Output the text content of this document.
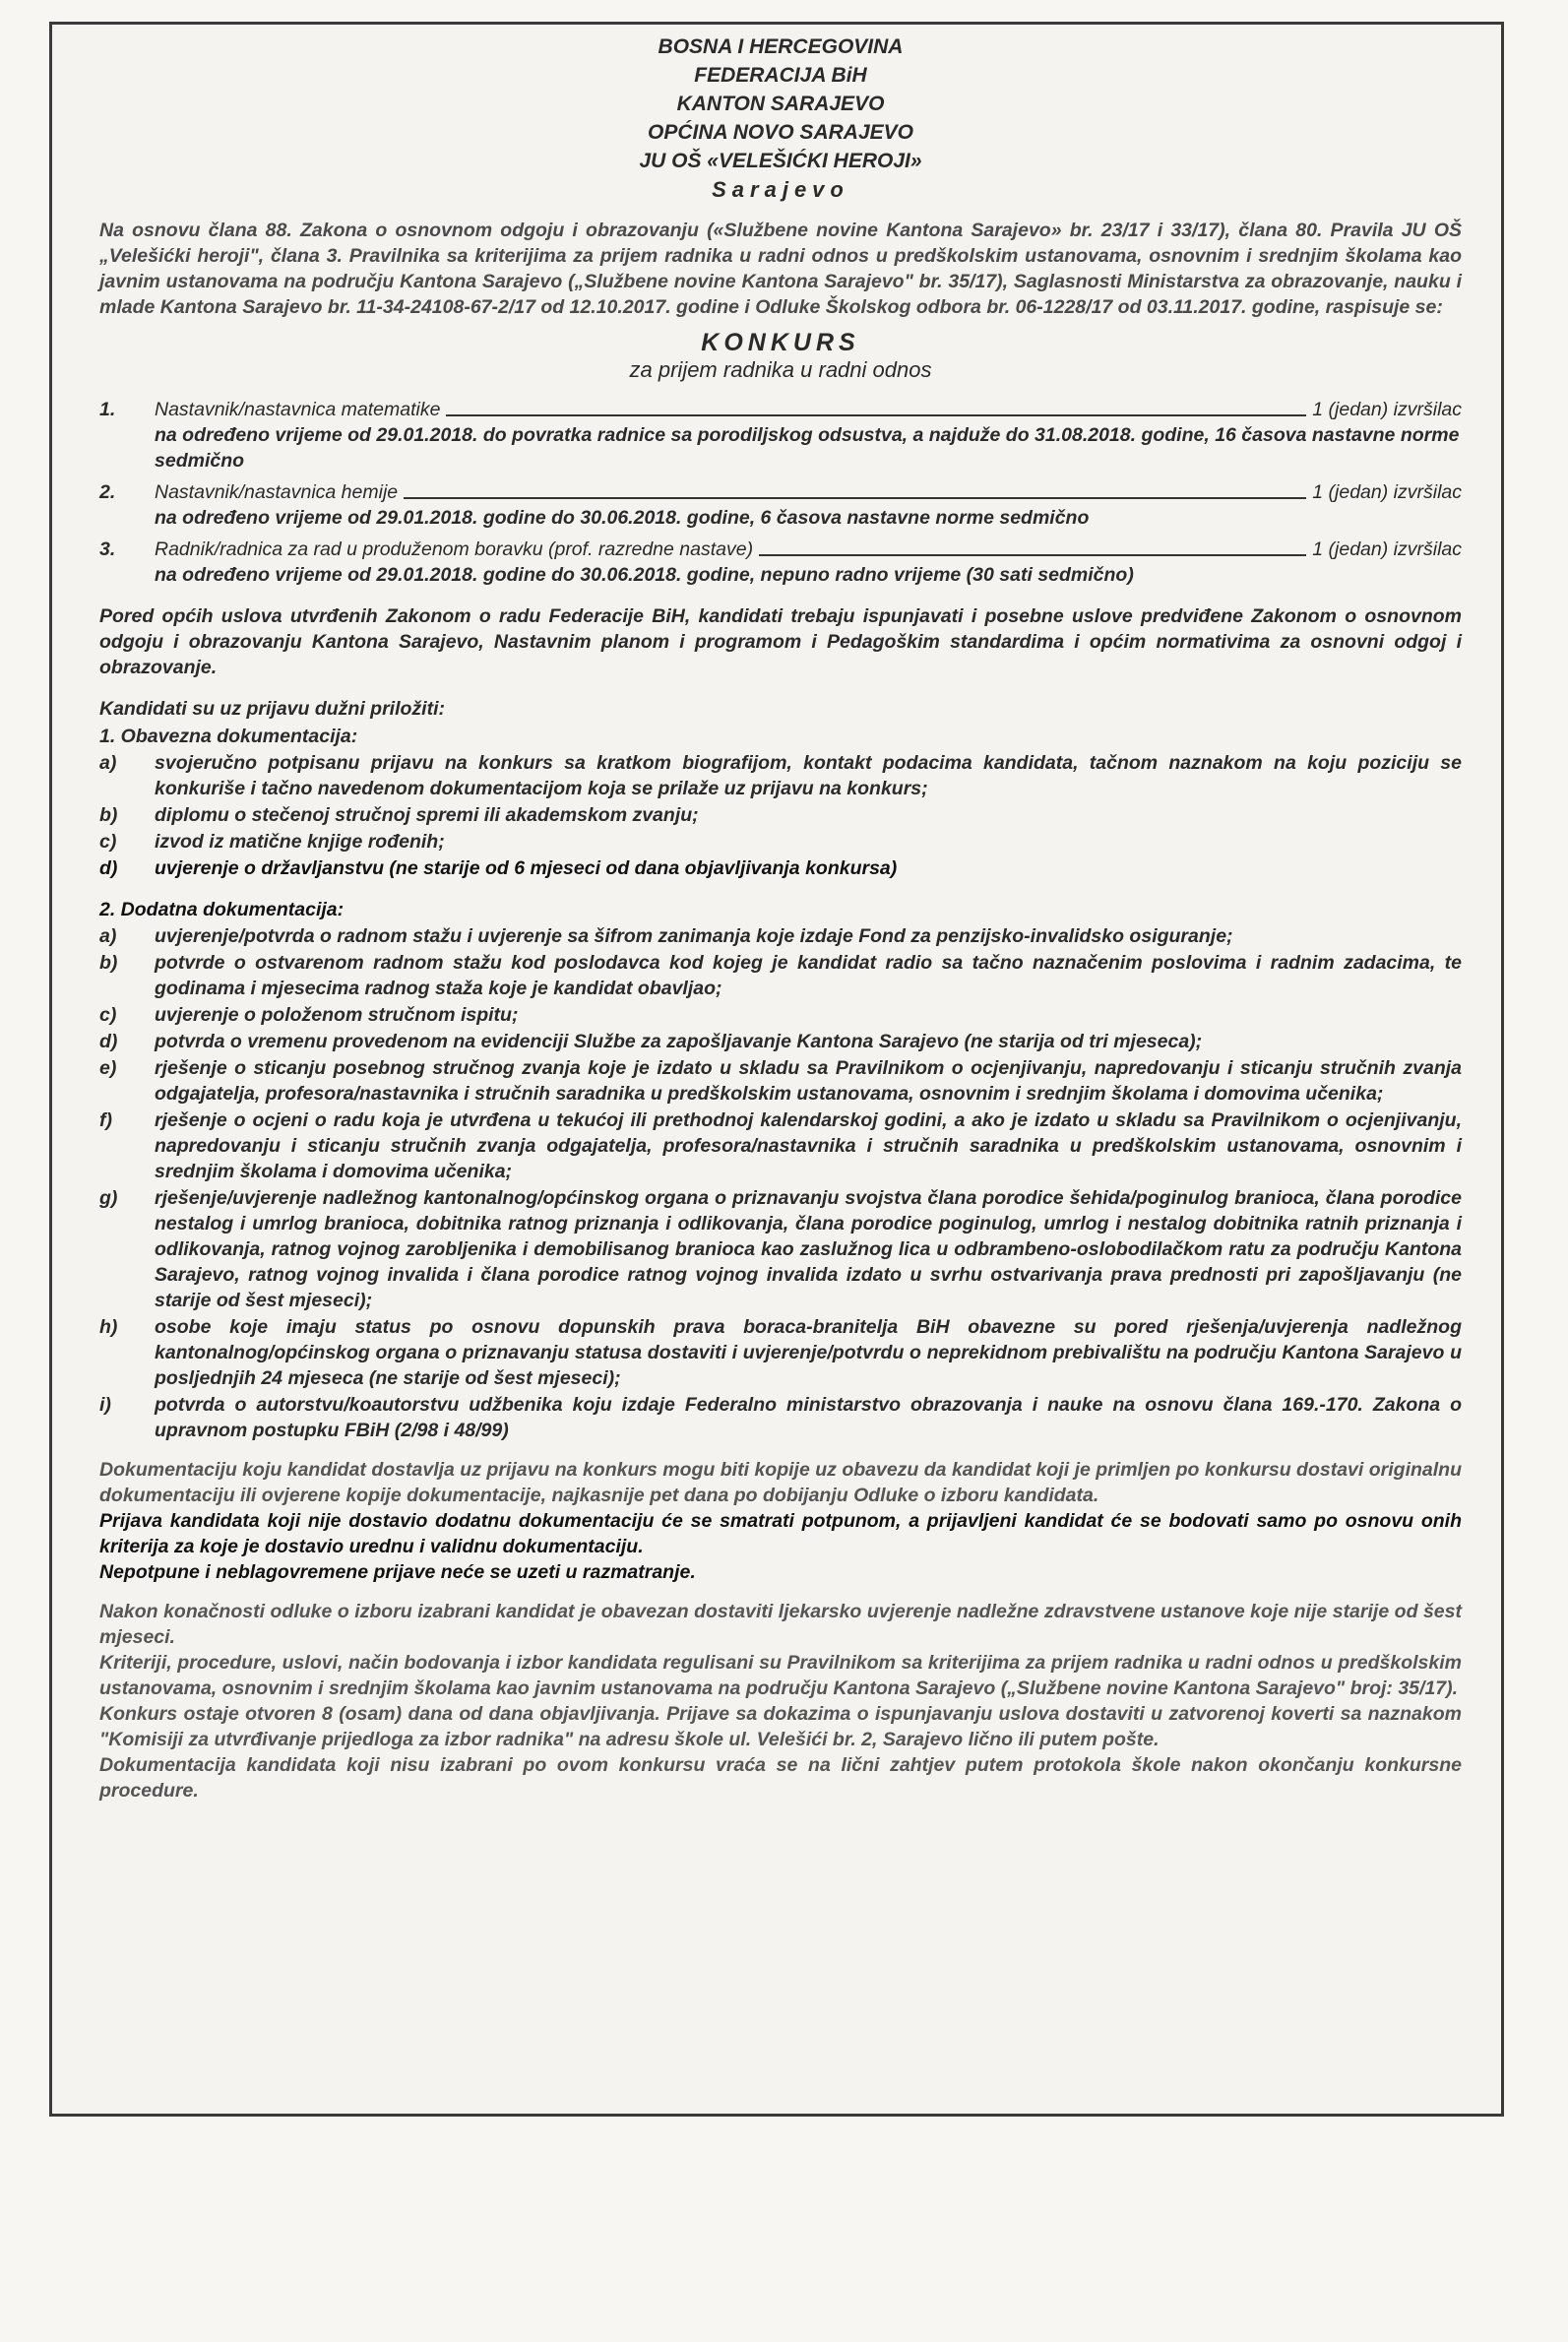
BOSNA I HERCEGOVINA
FEDERACIJA BiH
KANTON SARAJEVO
OPĆINA NOVO SARAJEVO
JU OŠ «VELEŠIĆKI HEROJI»
Sarajevo
Na osnovu člana 88. Zakona o osnovnom odgoju i obrazovanju («Službene novine Kantona Sarajevo» br. 23/17 i 33/17), člana 80. Pravila JU OŠ „Velešićki heroji", člana 3. Pravilnika sa kriterijima za prijem radnika u radni odnos u predškolskim ustanovama, osnovnim i srednjim školama kao javnim ustanovama na području Kantona Sarajevo („Službene novine Kantona Sarajevo" br. 35/17), Saglasnosti Ministarstva za obrazovanje, nauku i mlade Kantona Sarajevo br. 11-34-24108-67-2/17 od 12.10.2017. godine i Odluke Školskog odbora br. 06-1228/17 od 03.11.2017. godine, raspisuje se:
KONKURS
za prijem radnika u radni odnos
1.	Nastavnik/nastavnica matematike	1 (jedan) izvršilac
na određeno vrijeme od 29.01.2018. do povratka radnice sa porodiljskog odsustva, a najduže do 31.08.2018. godine, 16 časova nastavne norme sedmično
2.	Nastavnik/nastavnica hemije	1 (jedan) izvršilac
na određeno vrijeme od 29.01.2018. godine do 30.06.2018. godine, 6 časova nastavne norme sedmično
3.	Radnik/radnica za rad u produženom boravku (prof. razredne nastave)	1 (jedan) izvršilac
na određeno vrijeme od 29.01.2018. godine do 30.06.2018. godine, nepuno radno vrijeme (30 sati sedmično)
Pored općih uslova utvrđenih Zakonom o radu Federacije BiH, kandidati trebaju ispunjavati i posebne uslove predviđene Zakonom o osnovnom odgoju i obrazovanju Kantona Sarajevo, Nastavnim planom i programom i Pedagoškim standardima i općim normativima za osnovni odgoj i obrazovanje.
Kandidati su uz prijavu dužni priložiti:
1. Obavezna dokumentacija:
a)	svojeručno potpisanu prijavu na konkurs sa kratkom biografijom, kontakt podacima kandidata, tačnom naznakom na koju poziciju se konkuriše i tačno navedenom dokumentacijom koja se prilaže uz prijavu na konkurs;
b)	diplomu o stečenoj stručnoj spremi ili akademskom zvanju;
c)	izvod iz matične knjige rođenih;
d)	uvjerenje o državljanstvu (ne starije od 6 mjeseci od dana objavljivanja konkursa)
2. Dodatna dokumentacija:
a)	uvjerenje/potvrda o radnom stažu i uvjerenje sa šifrom zanimanja koje izdaje Fond za penzijsko-invalidsko osiguranje;
b)	potvrde o ostvarenom radnom stažu kod poslodavca kod kojeg je kandidat radio sa tačno naznačenim poslovima i radnim zadacima, te godinama i mjesecima radnog staža koje je kandidat obavljao;
c)	uvjerenje o položenom stručnom ispitu;
d)	potvrda o vremenu provedenom na evidenciji Službe za zapošljavanje Kantona Sarajevo (ne starija od tri mjeseca);
e)	rješenje o sticanju posebnog stručnog zvanja koje je izdato u skladu sa Pravilnikom o ocjenjivanju, napredovanju i sticanju stručnih zvanja odgajatelja, profesora/nastavnika i stručnih saradnika u predškolskim ustanovama, osnovnim i srednjim školama i domovima učenika;
f)	rješenje o ocjeni o radu koja je utvrđena u tekućoj ili prethodnoj kalendarskoj godini, a ako je izdato u skladu sa Pravilnikom o ocjenjivanju, napredovanju i sticanju stručnih zvanja odgajatelja, profesora/nastavnika i stručnih saradnika u predškolskim ustanovama, osnovnim i srednjim školama i domovima učenika;
g)	rješenje/uvjerenje nadležnog kantonalnog/općinskog organa o priznavanju svojstva člana porodice šehida/poginulog branioca, člana porodice nestalog i umrlog branioca, dobitnika ratnog priznanja i odlikovanja, člana porodice poginulog, umrlog i nestalog dobitnika ratnih priznanja i odlikovanja, ratnog vojnog zarobljenika i demobilisanog branioca kao zaslužnog lica u odbrambeno-oslobodilačkom ratu za području Kantona Sarajevo, ratnog vojnog invalida i člana porodice ratnog vojnog invalida izdato u svrhu ostvarivanja prava prednosti pri zapošljavanju (ne starije od šest mjeseci);
h)	osobe koje imaju status po osnovu dopunskih prava boraca-branitelja BiH obavezne su pored rješenja/uvjerenja nadležnog kantonalnog/općinskog organa o priznavanju statusa dostaviti i uvjerenje/potvrdu o neprekidnom prebivalištu na području Kantona Sarajevo u posljednjih 24 mjeseca (ne starije od šest mjeseci);
i)	potvrda o autorstvu/koautorstvu udžbenika koju izdaje Federalno ministarstvo obrazovanja i nauke na osnovu člana 169.-170. Zakona o upravnom postupku FBiH (2/98 i 48/99)

Dokumentaciju koju kandidat dostavlja uz prijavu na konkurs mogu biti kopije uz obavezu da kandidat koji je primljen po konkursu dostavi originalnu dokumentaciju ili ovjerene kopije dokumentacije, najkasnije pet dana po dobijanju Odluke o izboru kandidata.

Prijava kandidata koji nije dostavio dodatnu dokumentaciju će se smatrati potpunom, a prijavljeni kandidat će se bodovati samo po osnovu onih kriterija za koje je dostavio urednu i validnu dokumentaciju.

Nepotpune i neblagovremene prijave neće se uzeti u razmatranje.

Nakon konačnosti odluke o izboru izabrani kandidat je obavezan dostaviti ljekarsko uvjerenje nadležne zdravstvene ustanove koje nije starije od šest mjeseci.

Kriteriji, procedure, uslovi, način bodovanja i izbor kandidata regulisani su Pravilnikom sa kriterijima za prijem radnika u radni odnos u predškolskim ustanovama, osnovnim i srednjim školama kao javnim ustanovama na području Kantona Sarajevo („Službene novine Kantona Sarajevo" broj: 35/17).

Konkurs ostaje otvoren 8 (osam) dana od dana objavljivanja. Prijave sa dokazima o ispunjavanju uslova dostaviti u zatvorenoj koverti sa naznakom "Komisiji za utvrđivanje prijedloga za izbor radnika" na adresu škole ul. Velešići br. 2, Sarajevo lično ili putem pošte.

Dokumentacija kandidata koji nisu izabrani po ovom konkursu vraća se na lični zahtjev putem protokola škole nakon okončanju konkursne procedure.
